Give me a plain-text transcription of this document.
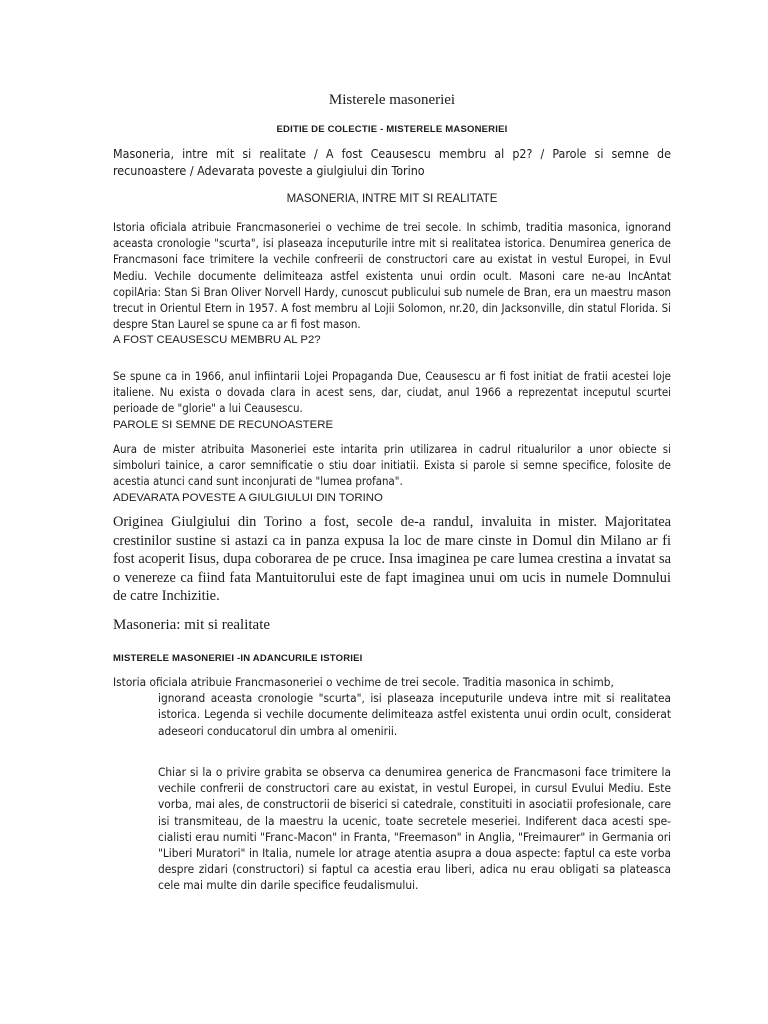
Misterele masoneriei

EDITIE DE COLECTIE - MISTERELE MASONERIEI

Masoneria, intre mit si realitate / A fost Ceausescu membru al p2? / Parole si semne de recunoastere / Adevarata poveste a giulgiului din Torino

MASONERIA, INTRE MIT SI REALITATE

Istoria oficiala atribuie Francmasoneriei o vechime de trei secole. In schimb, traditia masonica, ignorand aceasta cronologie "scurta", isi plaseaza inceputurile intre mit si realitatea istorica. Denumirea generica de Francmasoni face trimitere la vechile confreerii de constructori care au existat in vestul Europei, in Evul Mediu. Vechile documente delimiteaza astfel existenta unui ordin ocult. Masoni care ne-au IncAntat copilAria: Stan Si Bran Oliver Norvell Hardy, cunoscut publicului sub numele de Bran, era un maestru mason trecut in Orientul Etern in 1957. A fost membru al Lojii Solomon, nr.20, din Jacksonville, din statul Florida. Si despre Stan Laurel se spune ca ar fi fost mason.

A FOST CEAUSESCU MEMBRU AL P2?

Se spune ca in 1966, anul infiintarii Lojei Propaganda Due, Ceausescu ar fi fost initiat de fratii acestei loje italiene. Nu exista o dovada clara in acest sens, dar, ciudat, anul 1966 a reprezentat inceputul scurtei perioade de "glorie" a lui Ceausescu.

PAROLE SI SEMNE DE RECUNOASTERE

Aura de mister atribuita Masoneriei este intarita prin utilizarea in cadrul ritualurilor a unor obiecte si simboluri tainice, a caror semnificatie o stiu doar initiatii. Exista si parole si semne specifice, folosite de acestia atunci cand sunt inconjurati de "lumea profana".

ADEVARATA POVESTE A GIULGIULUI DIN TORINO

Originea Giulgiului din Torino a fost, secole de-a randul, invaluita in mister. Majoritatea crestinilor sustine si astazi ca in panza expusa la loc de mare cinste in Domul din Milano ar fi fost acoperit Iisus, dupa coborarea de pe cruce. Insa imaginea pe care lumea crestina a invatat sa o venereze ca fiind fata Mantuitorului este de fapt imaginea unui om ucis in numele Domnului de catre Inchizitie.

Masoneria: mit si realitate

MISTERELE MASONERIEI -IN ADANCURILE ISTORIEI

Istoria oficiala atribuie Francmasoneriei o vechime de trei secole. Traditia masonica in schimb,
ignorand aceasta cronologie "scurta", isi plaseaza inceputurile undeva intre mit si realitatea istorica. Legenda si vechile documente delimiteaza astfel existenta unui ordin ocult, considerat adeseori conducatorul din umbra al omenirii.

Chiar si la o privire grabita se observa ca denumirea generica de Francmasoni face trimitere la vechile confrerii de constructori care au existat, in vestul Europei, in cursul Evului Mediu. Este vorba, mai ales, de constructorii de biserici si catedrale, constituiti in asociatii profesionale, care isi transmiteau, de la maestru la ucenic, toate secretele meseriei. Indiferent daca acesti spe-cialisti erau numiti "Franc-Macon" in Franta, "Freemason" in Anglia, "Freimaurer" in Germania ori "Liberi Muratori" in Italia, numele lor atrage atentia asupra a doua aspecte: faptul ca este vorba despre zidari (constructori) si faptul ca acestia erau liberi, adica nu erau obligati sa plateasca cele mai multe din darile specifice feudalismului.
